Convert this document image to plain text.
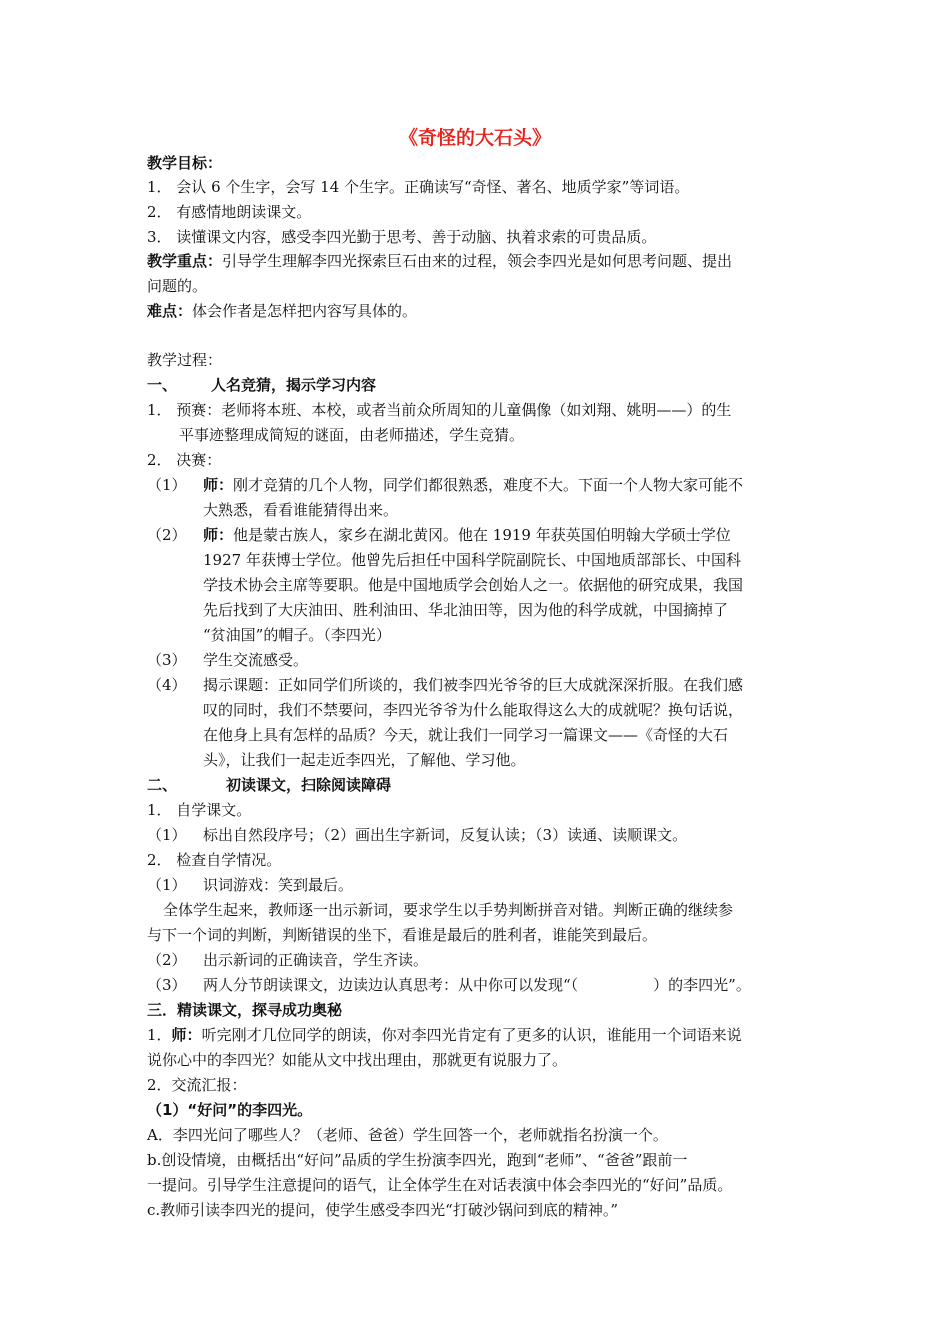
《奇怪的大石头》
教学目标：
1． 会认 6 个生字，会写 14 个生字。正确读写“奇怪、著名、地质学家”等词语。
2． 有感情地朗读课文。
3． 读懂课文内容，感受李四光勤于思考、善于动脑、执着求索的可贵品质。
教学重点：引导学生理解李四光探索巨石由来的过程，领会李四光是如何思考问题、提出
问题的。
难点：体会作者是怎样把内容写具体的。
教学过程：
一、 人名竞猜，揭示学习内容
1． 预赛：老师将本班、本校，或者当前众所周知的儿童偶像（如刘翔、姚明——）的生
平事迹整理成简短的谜面，由老师描述，学生竞猜。
2． 决赛：
（1） 师：刚才竞猜的几个人物，同学们都很熟悉，难度不大。下面一个人物大家可能不
大熟悉，看看谁能猜得出来。
（2） 师：他是蒙古族人，家乡在湖北黄冈。他在 1919 年获英国伯明翰大学硕士学位
1927 年获博士学位。他曾先后担任中国科学院副院长、中国地质部部长、中国科
学技术协会主席等要职。他是中国地质学会创始人之一。依据他的研究成果，我国
先后找到了大庆油田、胜利油田、华北油田等，因为他的科学成就，中国摘掉了
“贫油国”的帽子。（李四光）
（3） 学生交流感受。
（4） 揭示课题：正如同学们所谈的，我们被李四光爷爷的巨大成就深深折服。在我们感
叹的同时，我们不禁要问，李四光爷爷为什么能取得这么大的成就呢？换句话说，
在他身上具有怎样的品质？今天，就让我们一同学习一篇课文——《奇怪的大石
头》，让我们一起走近李四光，了解他、学习他。
二、	初读课文，扫除阅读障碍
1． 自学课文。
（1） 标出自然段序号；（2）画出生字新词，反复认读；（3）读通、读顺课文。
2． 检查自学情况。
（1） 识词游戏：笑到最后。
全体学生起来，教师逐一出示新词，要求学生以手势判断拼音对错。判断正确的继续参
与下一个词的判断，判断错误的坐下，看谁是最后的胜利者，谁能笑到最后。
（2） 出示新词的正确读音，学生齐读。
（3） 两人分节朗读课文，边读边认真思考：从中你可以发现“（　　　　　）的李四光”。
三．精读课文，探寻成功奥秘
1．师：听完刚才几位同学的朗读，你对李四光肯定有了更多的认识，谁能用一个词语来说
说你心中的李四光？如能从文中找出理由，那就更有说服力了。
2．交流汇报：
（1）“好问”的李四光。
A．李四光问了哪些人？（老师、爸爸）学生回答一个，老师就指名扮演一个。
b.创设情境，由概括出“好问”品质的学生扮演李四光，跑到“老师”、“爸爸”跟前一
一提问。引导学生注意提问的语气，让全体学生在对话表演中体会李四光的“好问”品质。
c.教师引读李四光的提问，使学生感受李四光“打破沙锅问到底的精神。”
